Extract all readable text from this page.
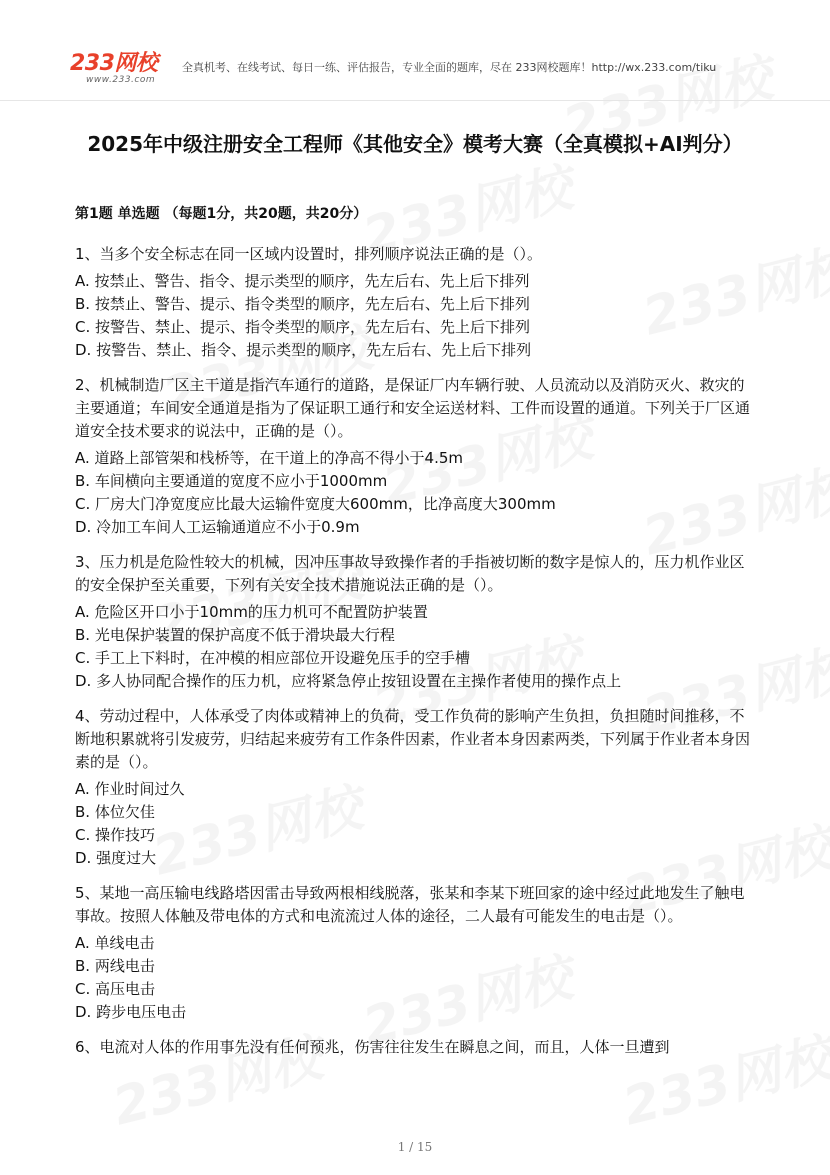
233网校
www.233.com
全真机考、在线考试、每日一练、评估报告，专业全面的题库，尽在 233网校题库！http://wx.233.com/tiku
2025年中级注册安全工程师《其他安全》模考大赛（全真模拟+AI判分）
第1题 单选题 （每题1分，共20题，共20分）
1、当多个安全标志在同一区域内设置时，排列顺序说法正确的是（）。
A. 按禁止、警告、指令、提示类型的顺序，先左后右、先上后下排列
B. 按禁止、警告、提示、指令类型的顺序，先左后右、先上后下排列
C. 按警告、禁止、提示、指令类型的顺序，先左后右、先上后下排列
D. 按警告、禁止、指令、提示类型的顺序，先左后右、先上后下排列
2、机械制造厂区主干道是指汽车通行的道路，是保证厂内车辆行驶、人员流动以及消防灭火、救灾的主要通道；车间安全通道是指为了保证职工通行和安全运送材料、工件而设置的通道。下列关于厂区通道安全技术要求的说法中，正确的是（）。
A. 道路上部管架和栈桥等，在干道上的净高不得小于4.5m
B. 车间横向主要通道的宽度不应小于1000mm
C. 厂房大门净宽度应比最大运输件宽度大600mm，比净高度大300mm
D. 冷加工车间人工运输通道应不小于0.9m
3、压力机是危险性较大的机械，因冲压事故导致操作者的手指被切断的数字是惊人的，压力机作业区的安全保护至关重要，下列有关安全技术措施说法正确的是（）。
A. 危险区开口小于10mm的压力机可不配置防护装置
B. 光电保护装置的保护高度不低于滑块最大行程
C. 手工上下料时，在冲模的相应部位开设避免压手的空手槽
D. 多人协同配合操作的压力机，应将紧急停止按钮设置在主操作者使用的操作点上
4、劳动过程中，人体承受了肉体或精神上的负荷，受工作负荷的影响产生负担，负担随时间推移，不断地积累就将引发疲劳，归结起来疲劳有工作条件因素，作业者本身因素两类，下列属于作业者本身因素的是（）。
A. 作业时间过久
B. 体位欠佳
C. 操作技巧
D. 强度过大
5、某地一高压输电线路塔因雷击导致两根相线脱落，张某和李某下班回家的途中经过此地发生了触电事故。按照人体触及带电体的方式和电流流过人体的途径，二人最有可能发生的电击是（）。
A. 单线电击
B. 两线电击
C. 高压电击
D. 跨步电压电击
6、电流对人体的作用事先没有任何预兆，伤害往往发生在瞬息之间，而且，人体一旦遭到
1 / 15
